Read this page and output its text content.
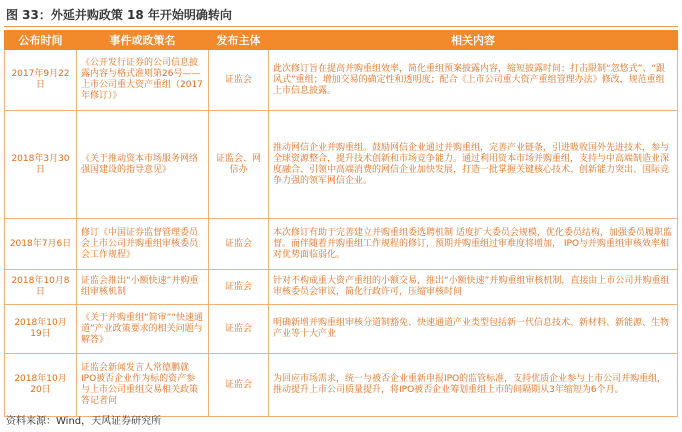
图 33：外延并购政策 18 年开始明确转向
公布时间	事件或政策名	发布主体	相关内容
2017年9月22日	《公开发行证券的公司信息披露内容与格式准则第26号——上市公司重大资产重组（2017年修订）》	证监会	此次修订旨在提高并购重组效率，简化重组预案披露内容，缩短披露时间；打击限制“忽悠式”、“跟风式”重组；增加交易的确定性和透明度；配合《上市公司重大资产重组管理办法》修改，规范重组上市信息披露。
2018年3月30日	《关于推动资本市场服务网络强国建设的指导意见》	证监会、网信办	推动网信企业并购重组。鼓励网信企业通过并购重组，完善产业链条，引进吸收国外先进技术，参与全球资源整合，提升技术创新和市场竞争能力。通过利用资本市场并购重组，支持与中高端制造业深度融合、引领中高端消费的网信企业加快发展，打造一批掌握关键核心技术、创新能力突出、国际竞争力强的领军网信企业。
2018年7月6日	修订《中国证券监督管理委员会上市公司并购重组审核委员会工作规程》	证监会	本次修订有助于完善建立并购重组委选聘机制 适度扩大委员会规模，优化委员结构，加强委员履职监督。而伴随着并购重组工作规程的修订，预期并购重组过审难度将增加， IPO与并购重组审核效率相对优势面临弱化。
2018年10月8日	证监会推出“小额快速”并购重组审核机制	证监会	针对不构成重大资产重组的小额交易，推出“小额快速”并购重组审核机制，直接由上市公司并购重组审核委员会审议，简化行政许可，压缩审核时间
2018年10月19日	《关于并购重组“简审”“快速通道”产业政策要求的相关问题与解答》	证监会	明确新增并购重组审核分道制豁免、快速通道产业类型包括新一代信息技术、新材料、新能源、生物产业等十大产业
2018年10月20日	证监会新闻发言人常德鹏就IPO被否企业作为标的资产参与上市公司重组交易相关政策答记者问	证监会	为回应市场需求，统一与被否企业重新申报IPO的监管标准，支持优质企业参与上市公司并购重组，推动提升上市公司质量提升，将IPO被否企业筹划重组上市的间隔期从3年缩短为6个月。
资料来源：Wind，天风证券研究所
